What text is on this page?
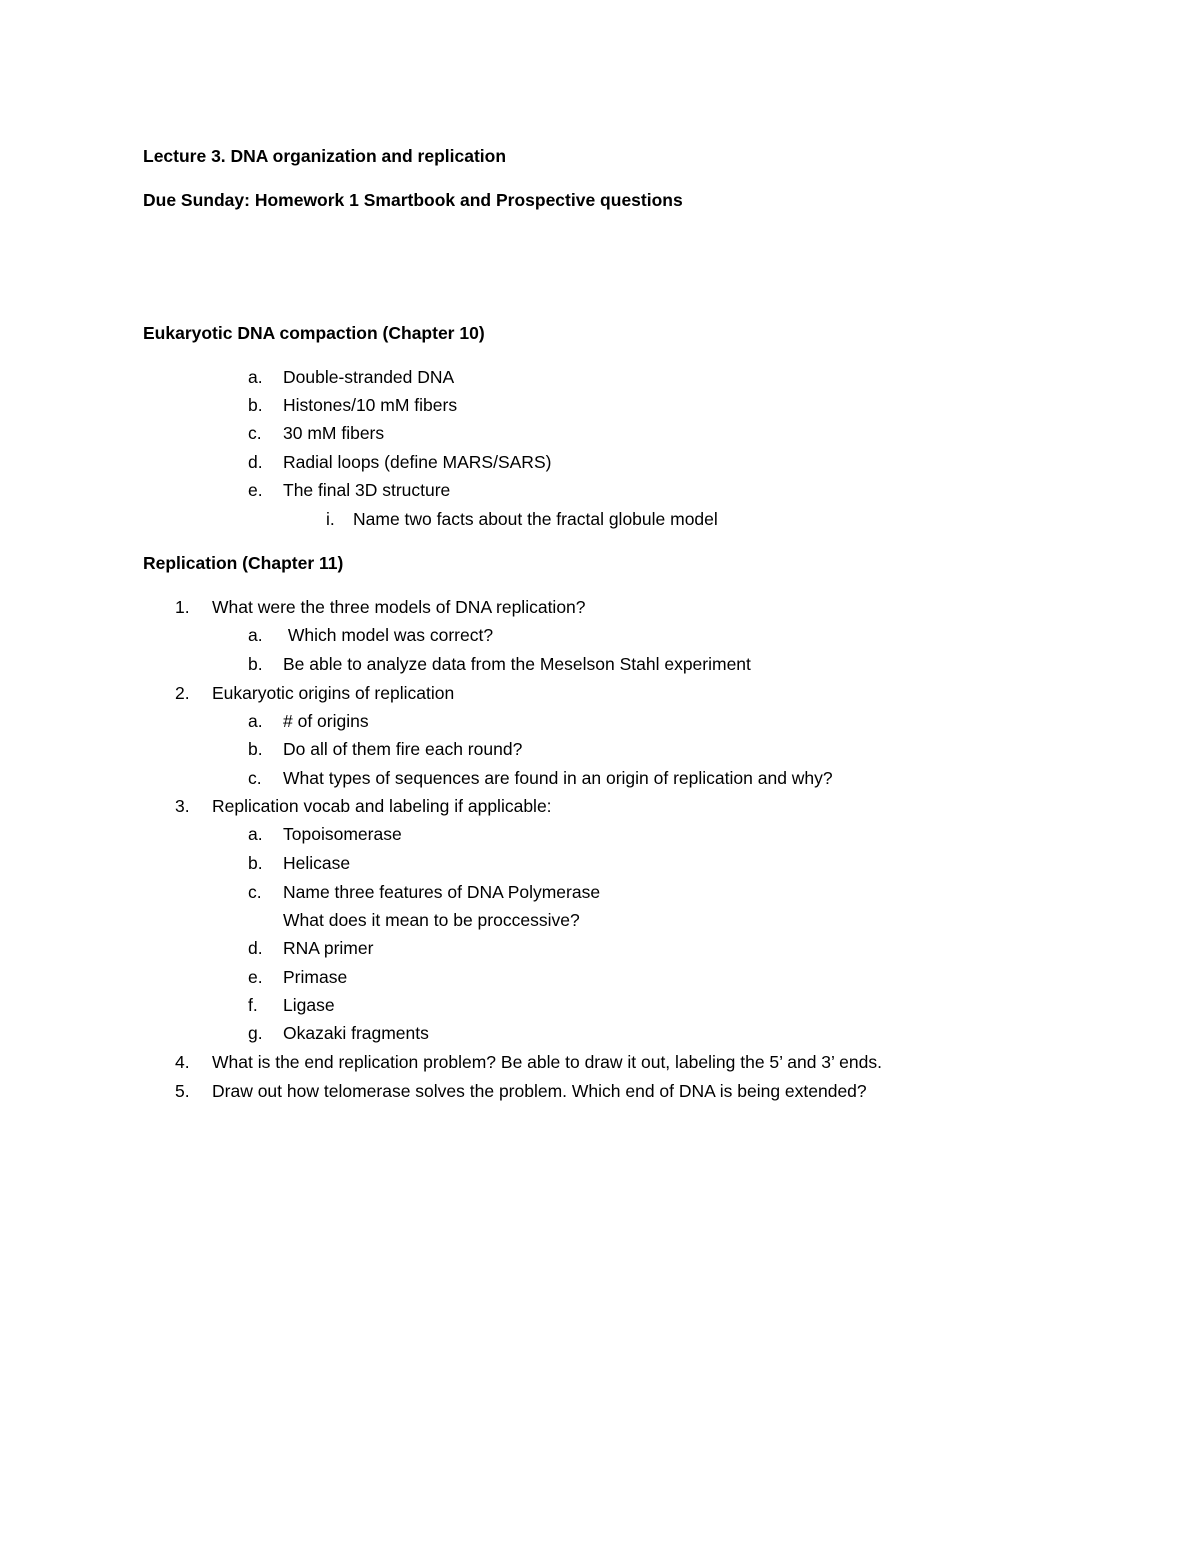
Lecture 3. DNA organization and replication
Due Sunday: Homework 1 Smartbook and Prospective questions
Eukaryotic DNA compaction (Chapter 10)
a. Double-stranded DNA
b. Histones/10 mM fibers
c. 30 mM fibers
d. Radial loops (define MARS/SARS)
e. The final 3D structure
i. Name two facts about the fractal globule model
Replication (Chapter 11)
1. What were the three models of DNA replication?
a. Which model was correct?
b. Be able to analyze data from the Meselson Stahl experiment
2. Eukaryotic origins of replication
a. # of origins
b. Do all of them fire each round?
c. What types of sequences are found in an origin of replication and why?
3. Replication vocab and labeling if applicable:
a. Topoisomerase
b. Helicase
c. Name three features of DNA Polymerase
What does it mean to be proccessive?
d. RNA primer
e. Primase
f. Ligase
g. Okazaki fragments
4. What is the end replication problem? Be able to draw it out, labeling the 5’ and 3’ ends.
5. Draw out how telomerase solves the problem. Which end of DNA is being extended?
